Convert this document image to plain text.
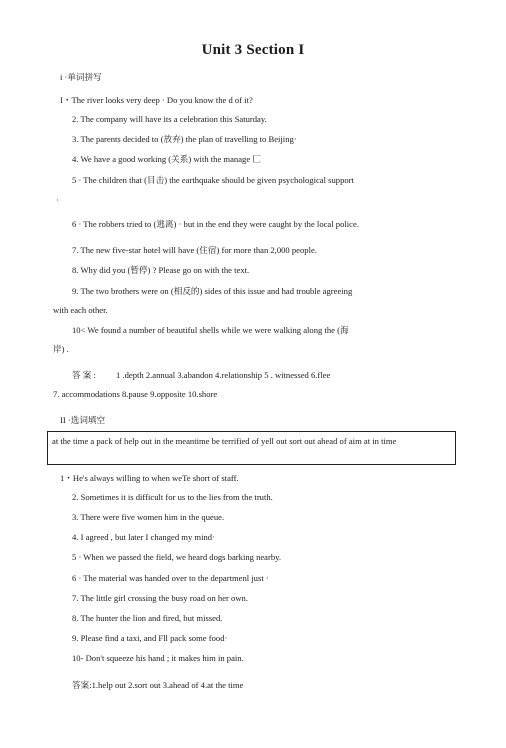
Unit 3 Section I
i ·单词拼写
I・The river looks very deep · Do you know the d of it?
2. The company will have its a celebration this Saturday.
3. The parents decided to (放弃) the plan of travelling to Beijing·
4. We have a good working (关系) with the manage 匚
5 · The children that (目击) the earthquake should be given psychological support
·
6 · The robbers tried to (逃离) · but in the end they were caught by the local police.
7. The new five-star hotel will have (住宿) for more than 2,000 people.
8. Why did you (暂停) ? Please go on with the text.
9. The two brothers were on (相反的) sides of this issue and had trouble agreeing
with each other.
10< We found a number of beautiful shells while we were walking along the (海
岸) .
答 案 : 1 .depth 2.annual 3.abandon 4.relationship 5 . witnessed 6.flee
7. accommodations 8.pause 9.opposite 10.shore
II ·选词填空
at the time a pack of help out in the meantime be terrified of yell out sort out ahead of aim at in time
1・He's always willing to when weTe short of staff.
2. Sometimes it is difficult for us to the lies from the truth.
3. There were five women him in the queue.
4. I agreed , but later I changed my mind·
5 · When we passed the field, we heard dogs barking nearby.
6 · The material was handed over to the departmenl just ·
7. The little girl crossing the busy road on her own.
8. The hunter the lion and fired, but missed.
9. Please find a taxi, and Fll pack some food·
10- Don't squeeze his hand ; it makes him in pain.
答案:1.help out 2.sort out 3.ahead of 4.at the time
